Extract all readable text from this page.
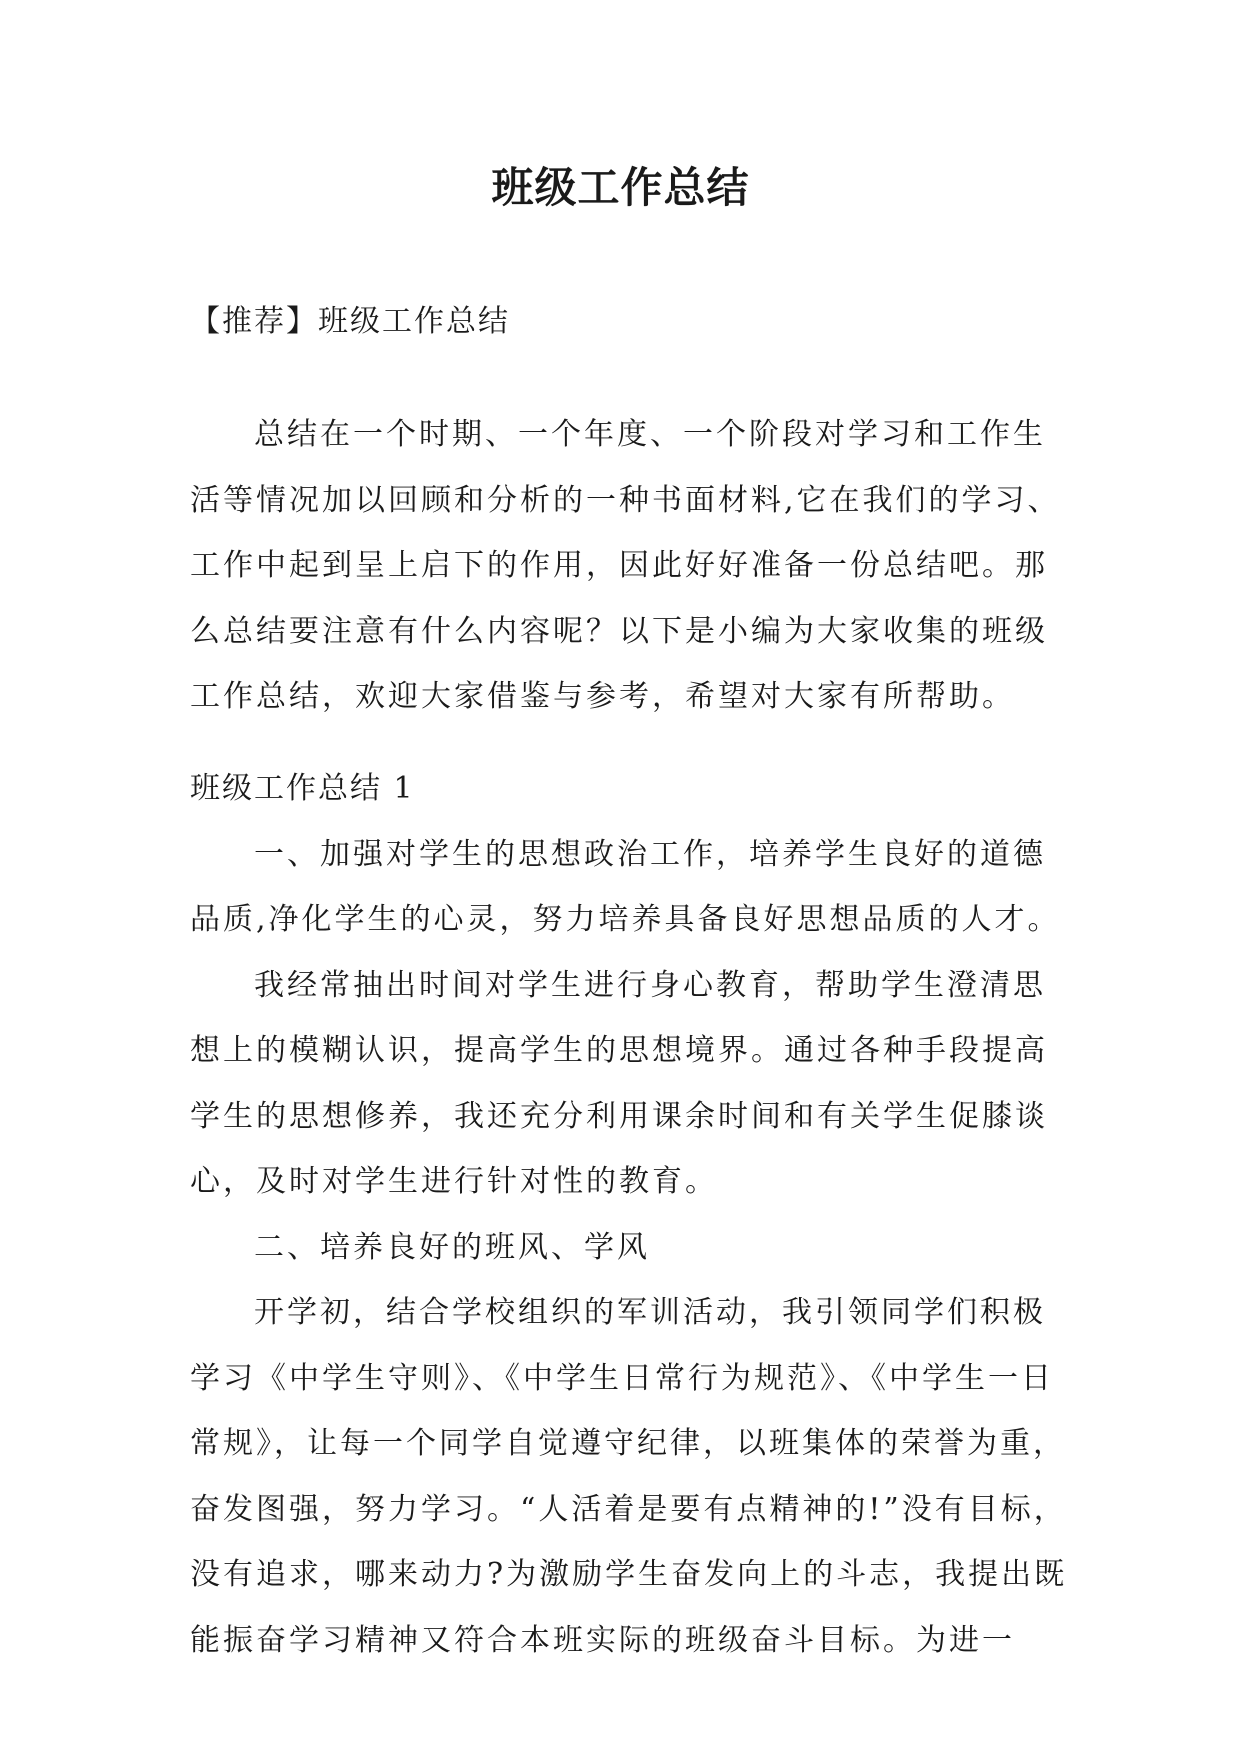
班级工作总结
【推荐】班级工作总结

总结在一个时期、一个年度、一个阶段对学习和工作生活等情况加以回顾和分析的一种书面材料,它在我们的学习、工作中起到呈上启下的作用，因此好好准备一份总结吧。那么总结要注意有什么内容呢？以下是小编为大家收集的班级工作总结，欢迎大家借鉴与参考，希望对大家有所帮助。

班级工作总结 1

一、加强对学生的思想政治工作，培养学生良好的道德品质,净化学生的心灵，努力培养具备良好思想品质的人才。

我经常抽出时间对学生进行身心教育，帮助学生澄清思想上的模糊认识，提高学生的思想境界。通过各种手段提高学生的思想修养，我还充分利用课余时间和有关学生促膝谈心，及时对学生进行针对性的教育。

二、培养良好的班风、学风

开学初，结合学校组织的军训活动，我引领同学们积极学习《中学生守则》、《中学生日常行为规范》、《中学生一日常规》，让每一个同学自觉遵守纪律，以班集体的荣誉为重，奋发图强，努力学习。“人活着是要有点精神的!”没有目标，没有追求，哪来动力?为激励学生奋发向上的斗志，我提出既能振奋学习精神又符合本班实际的班级奋斗目标。为进一
